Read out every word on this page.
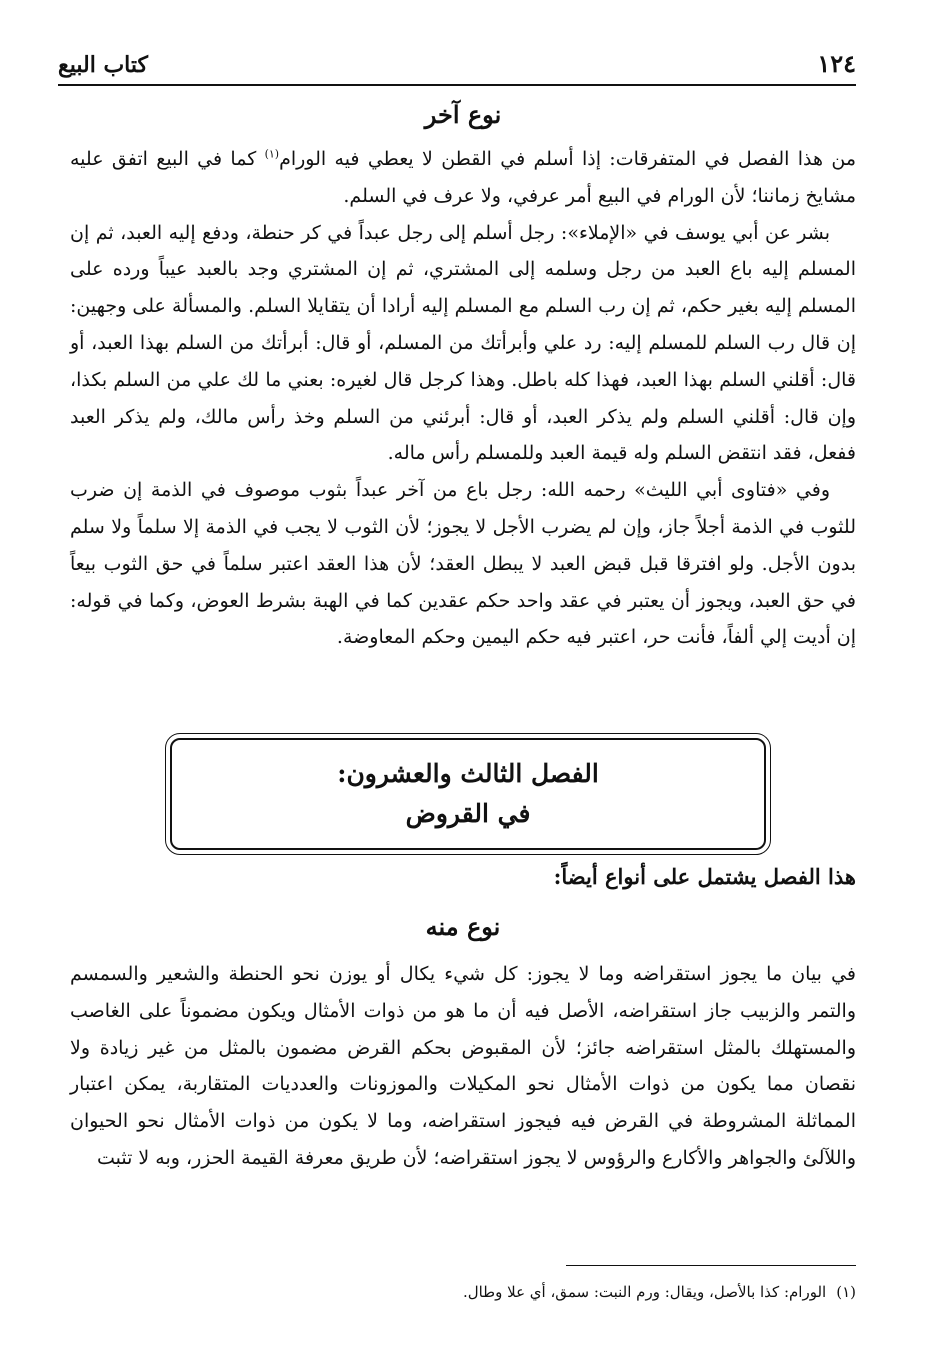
١٢٤
كتاب البيع
نوع آخر

من هذا الفصل في المتفرقات: إذا أسلم في القطن لا يعطي فيه الورام$^{(١)}$ كما في البيع اتفق عليه مشايخ زماننا؛ لأن الورام في البيع أمر عرفي، ولا عرف في السلم.

بشر عن أبي يوسف في «الإملاء»: رجل أسلم إلى رجل عبداً في كر حنطة، ودفع إليه العبد، ثم إن المسلم إليه باع العبد من رجل وسلمه إلى المشتري، ثم إن المشتري وجد بالعبد عيباً ورده على المسلم إليه بغير حكم، ثم إن رب السلم مع المسلم إليه أرادا أن يتقايلا السلم. والمسألة على وجهين: إن قال رب السلم للمسلم إليه: رد علي وأبرأتك من المسلم، أو قال: أبرأتك من السلم بهذا العبد، أو قال: أقلني السلم بهذا العبد، فهذا كله باطل. وهذا كرجل قال لغيره: بعني ما لك علي من السلم بكذا، وإن قال: أقلني السلم ولم يذكر العبد، أو قال: أبرئني من السلم وخذ رأس مالك، ولم يذكر العبد ففعل، فقد انتقض السلم وله قيمة العبد وللمسلم رأس ماله.

وفي «فتاوى أبي الليث» رحمه الله: رجل باع من آخر عبداً بثوب موصوف في الذمة إن ضرب للثوب في الذمة أجلاً جاز، وإن لم يضرب الأجل لا يجوز؛ لأن الثوب لا يجب في الذمة إلا سلماً ولا سلم بدون الأجل. ولو افترقا قبل قبض العبد لا يبطل العقد؛ لأن هذا العقد اعتبر سلماً في حق الثوب بيعاً في حق العبد، ويجوز أن يعتبر في عقد واحد حكم عقدين كما في الهبة بشرط العوض، وكما في قوله: إن أديت إلي ألفاً، فأنت حر، اعتبر فيه حكم اليمين وحكم المعاوضة.

الفصل الثالث والعشرون:
في القروض
هذا الفصل يشتمل على أنواع أيضاً:
نوع منه

في بيان ما يجوز استقراضه وما لا يجوز: كل شيء يكال أو يوزن نحو الحنطة والشعير والسمسم والتمر والزبيب جاز استقراضه، الأصل فيه أن ما هو من ذوات الأمثال ويكون مضموناً على الغاصب والمستهلك بالمثل استقراضه جائز؛ لأن المقبوض بحكم القرض مضمون بالمثل من غير زيادة ولا نقصان مما يكون من ذوات الأمثال نحو المكيلات والموزونات والعدديات المتقاربة، يمكن اعتبار المماثلة المشروطة في القرض فيه فيجوز استقراضه، وما لا يكون من ذوات الأمثال نحو الحيوان واللآلئ والجواهر والأكارع والرؤوس لا يجوز استقراضه؛ لأن طريق معرفة القيمة الحزر، وبه لا تثبت

(١)
الورام: كذا بالأصل، ويقال: ورم النبت: سمق، أي علا وطال.
